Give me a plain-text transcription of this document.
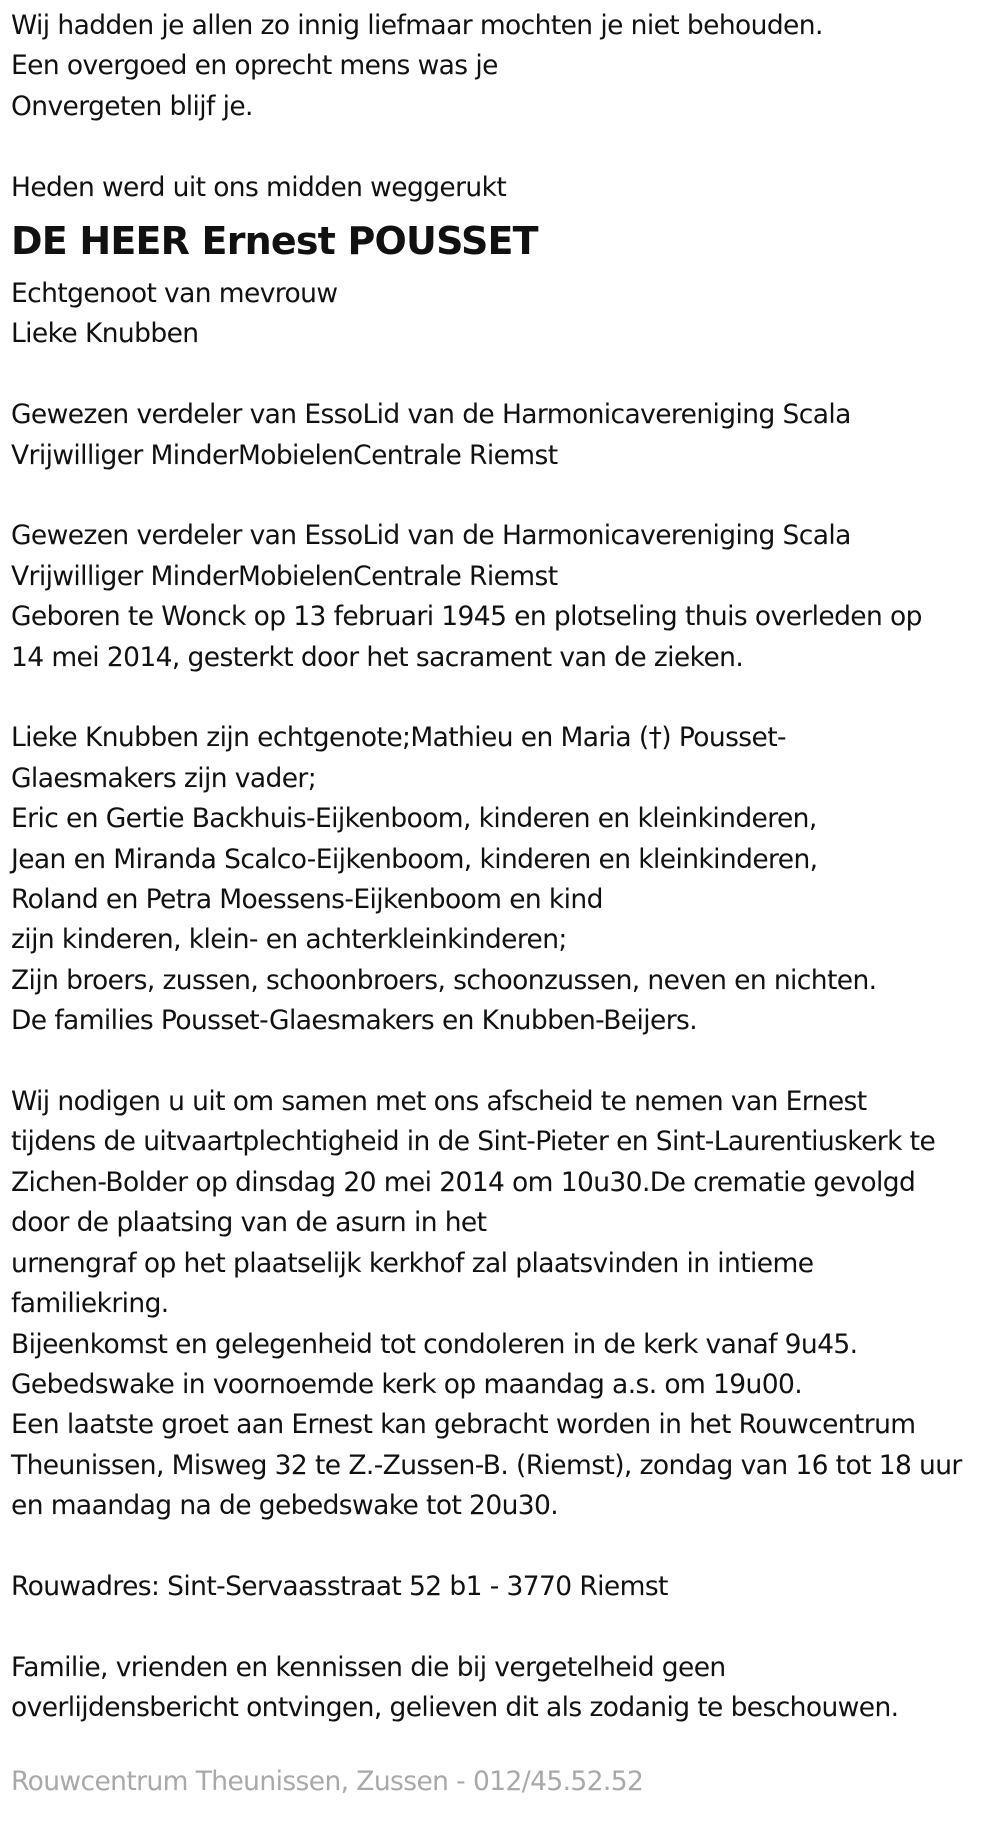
Wij hadden je allen zo innig liefmaar mochten je niet behouden.

Een overgoed en oprecht mens was je

Onvergeten blijf je.

Heden werd uit ons midden weggerukt

DE HEER Ernest POUSSET

Echtgenoot van mevrouw

Lieke Knubben

Gewezen verdeler van EssoLid van de Harmonicavereniging Scala

Vrijwilliger MinderMobielenCentrale Riemst

Gewezen verdeler van EssoLid van de Harmonicavereniging Scala

Vrijwilliger MinderMobielenCentrale Riemst

Geboren te Wonck op 13 februari 1945 en plotseling thuis overleden op

14 mei 2014, gesterkt door het sacrament van de zieken.

Lieke Knubben zijn echtgenote;Mathieu en Maria (†) Pousset-

Glaesmakers zijn vader;

Eric en Gertie Backhuis-Eijkenboom, kinderen en kleinkinderen,

Jean en Miranda Scalco-Eijkenboom, kinderen en kleinkinderen,

Roland en Petra Moessens-Eijkenboom en kind

zijn kinderen, klein- en achterkleinkinderen;

Zijn broers, zussen, schoonbroers, schoonzussen, neven en nichten.

De families Pousset-Glaesmakers en Knubben-Beijers.

Wij nodigen u uit om samen met ons afscheid te nemen van Ernest

tijdens de uitvaartplechtigheid in de Sint-Pieter en Sint-Laurentiuskerk te

Zichen-Bolder op dinsdag 20 mei 2014 om 10u30.De crematie gevolgd

door de plaatsing van de asurn in het

urnengraf op het plaatselijk kerkhof zal plaatsvinden in intieme

familiekring.

Bijeenkomst en gelegenheid tot condoleren in de kerk vanaf 9u45.

Gebedswake in voornoemde kerk op maandag a.s. om 19u00.

Een laatste groet aan Ernest kan gebracht worden in het Rouwcentrum

Theunissen, Misweg 32 te Z.-Zussen-B. (Riemst), zondag van 16 tot 18 uur

en maandag na de gebedswake tot 20u30.

Rouwadres: Sint-Servaasstraat 52 b1 - 3770 Riemst

Familie, vrienden en kennissen die bij vergetelheid geen

overlijdensbericht ontvingen, gelieven dit als zodanig te beschouwen.

Rouwcentrum Theunissen, Zussen - 012/45.52.52
